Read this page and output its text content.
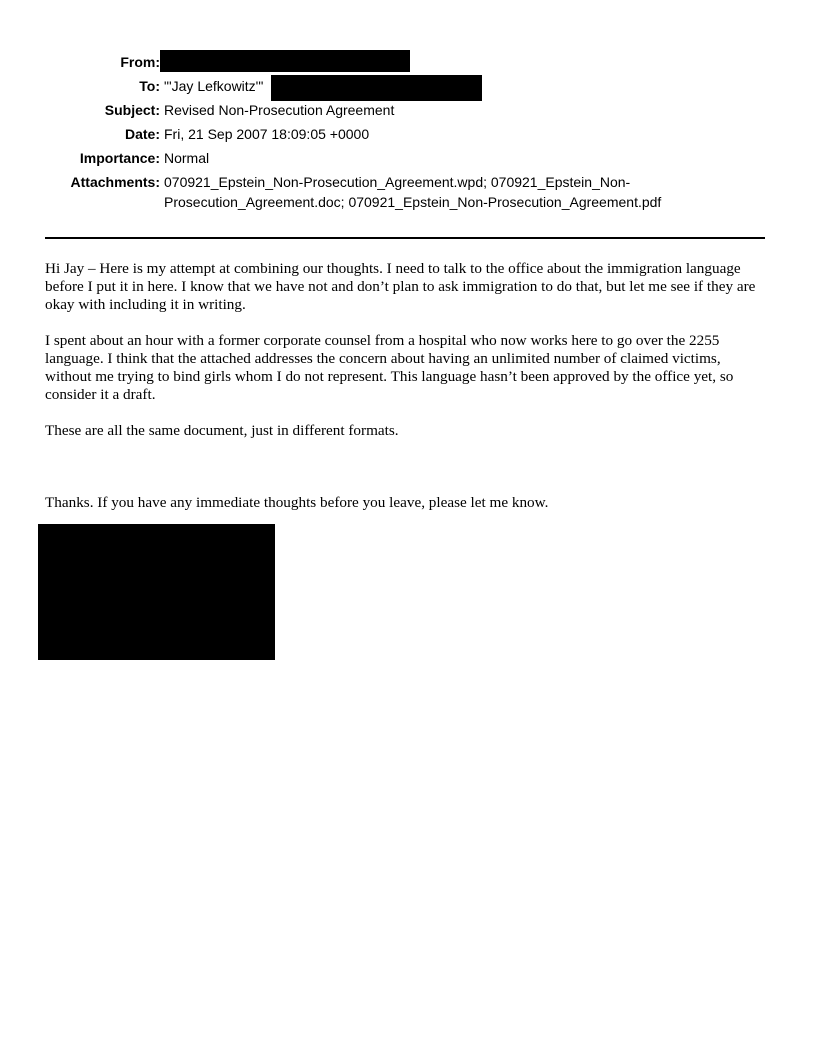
From:
To: "'Jay Lefkowitz'"
Subject: Revised Non-Prosecution Agreement
Date: Fri, 21 Sep 2007 18:09:05 +0000
Importance: Normal
Attachments: 070921_Epstein_Non-Prosecution_Agreement.wpd; 070921_Epstein_Non-Prosecution_Agreement.doc; 070921_Epstein_Non-Prosecution_Agreement.pdf

Hi Jay – Here is my attempt at combining our thoughts. I need to talk to the office about the immigration language before I put it in here. I know that we have not and don’t plan to ask immigration to do that, but let me see if they are okay with including it in writing.

I spent about an hour with a former corporate counsel from a hospital who now works here to go over the 2255 language. I think that the attached addresses the concern about having an unlimited number of claimed victims, without me trying to bind girls whom I do not represent. This language hasn’t been approved by the office yet, so consider it a draft.

These are all the same document, just in different formats.

Thanks. If you have any immediate thoughts before you leave, please let me know.
